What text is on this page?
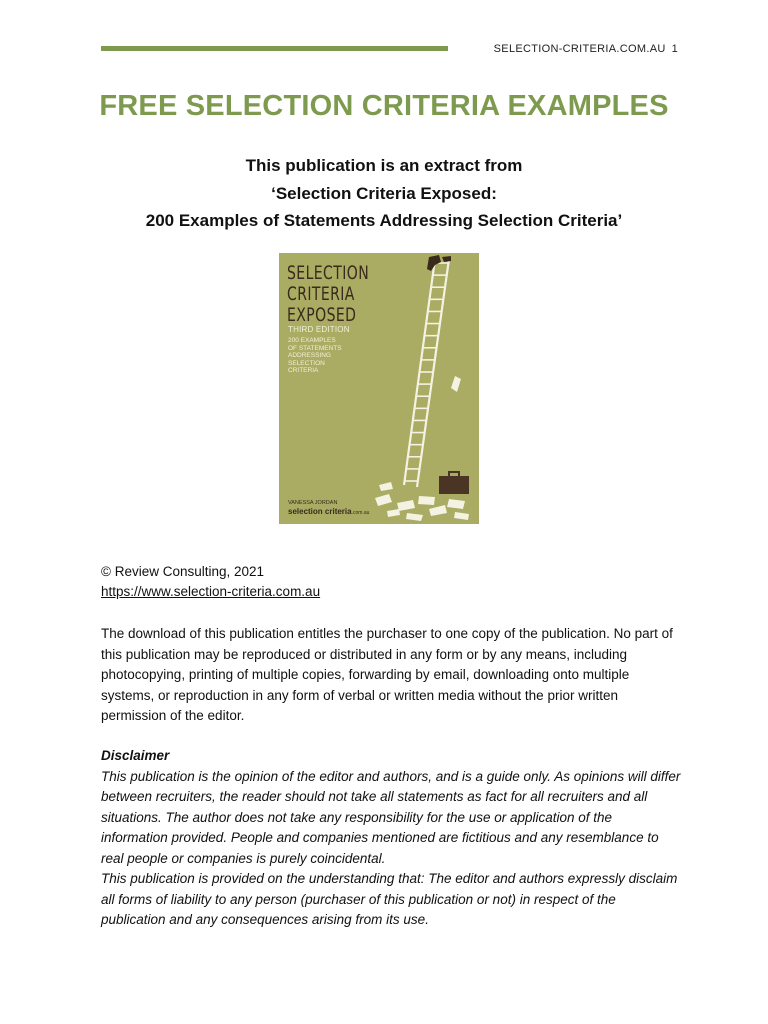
SELECTION-CRITERIA.COM.AU 1
FREE SELECTION CRITERIA EXAMPLES
This publication is an extract from
‘Selection Criteria Exposed:
200 Examples of Statements Addressing Selection Criteria’
SELECTION
CRITERIA
EXPOSED
THIRD EDITION
200 EXAMPLES
OF STATEMENTS
ADDRESSING
SELECTION
CRITERIA
VANESSA JORDAN
selection criteria.com.au
© Review Consulting, 2021
https://www.selection-criteria.com.au

The download of this publication entitles the purchaser to one copy of the publication. No part of this publication may be reproduced or distributed in any form or by any means, including photocopying, printing of multiple copies, forwarding by email, downloading onto multiple systems, or reproduction in any form of verbal or written media without the prior written permission of the editor.

Disclaimer

This publication is the opinion of the editor and authors, and is a guide only. As opinions will differ between recruiters, the reader should not take all statements as fact for all recruiters and all situations. The author does not take any responsibility for the use or application of the information provided. People and companies mentioned are fictitious and any resemblance to real people or companies is purely coincidental.

This publication is provided on the understanding that: The editor and authors expressly disclaim all forms of liability to any person (purchaser of this publication or not) in respect of the publication and any consequences arising from its use.
